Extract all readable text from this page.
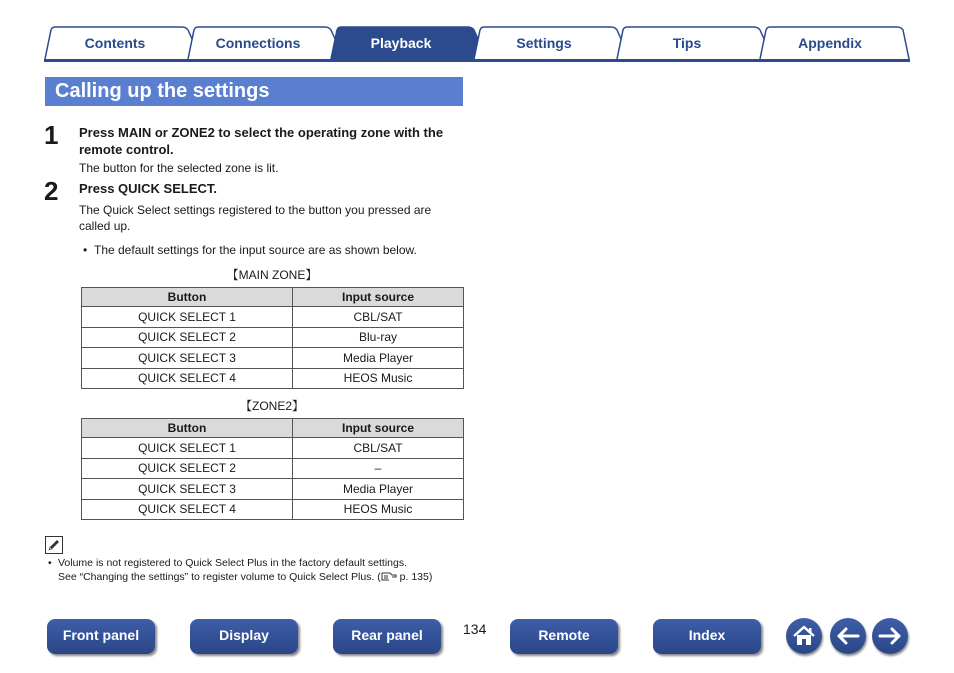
Contents	Connections	Playback	Settings	Tips	Appendix
Calling up the settings
1 Press MAIN or ZONE2 to select the operating zone with the remote control.
The button for the selected zone is lit.
2 Press QUICK SELECT.
The Quick Select settings registered to the button you pressed are called up.
• The default settings for the input source are as shown below.
【MAIN ZONE】
Button	Input source
QUICK SELECT 1	CBL/SAT
QUICK SELECT 2	Blu-ray
QUICK SELECT 3	Media Player
QUICK SELECT 4	HEOS Music
【ZONE2】
Button	Input source
QUICK SELECT 1	CBL/SAT
QUICK SELECT 2	–
QUICK SELECT 3	Media Player
QUICK SELECT 4	HEOS Music
• Volume is not registered to Quick Select Plus in the factory default settings.
See “Changing the settings” to register volume to Quick Select Plus. ( p. 135)
Front panel	Display	Rear panel	134	Remote	Index
